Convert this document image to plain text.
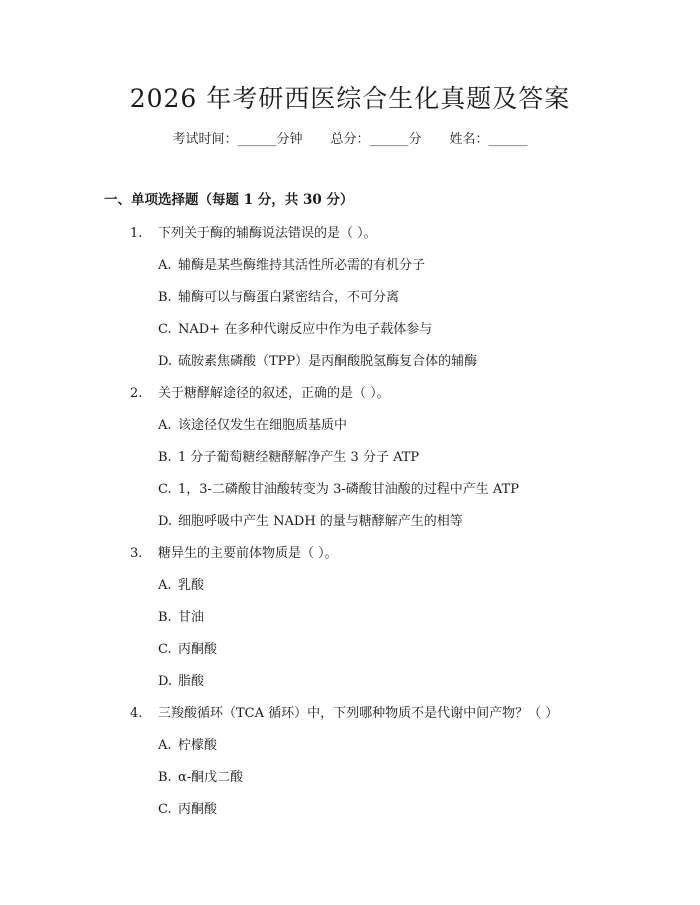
2026 年考研西医综合生化真题及答案
考试时间：______分钟 总分：______分 姓名：______
一、单项选择题（每题 1 分，共 30 分）
1. 下列关于酶的辅酶说法错误的是（ ）。
A. 辅酶是某些酶维持其活性所必需的有机分子
B. 辅酶可以与酶蛋白紧密结合，不可分离
C. NAD+ 在多种代谢反应中作为电子载体参与
D. 硫胺素焦磷酸（TPP）是丙酮酸脱氢酶复合体的辅酶
2. 关于糖酵解途径的叙述，正确的是（ ）。
A. 该途径仅发生在细胞质基质中
B. 1 分子葡萄糖经糖酵解净产生 3 分子 ATP
C. 1，3-二磷酸甘油酸转变为 3-磷酸甘油酸的过程中产生 ATP
D. 细胞呼吸中产生 NADH 的量与糖酵解产生的相等
3. 糖异生的主要前体物质是（ ）。
A. 乳酸
B. 甘油
C. 丙酮酸
D. 脂酸
4. 三羧酸循环（TCA 循环）中，下列哪种物质不是代谢中间产物？（ ）
A. 柠檬酸
B. α-酮戊二酸
C. 丙酮酸
